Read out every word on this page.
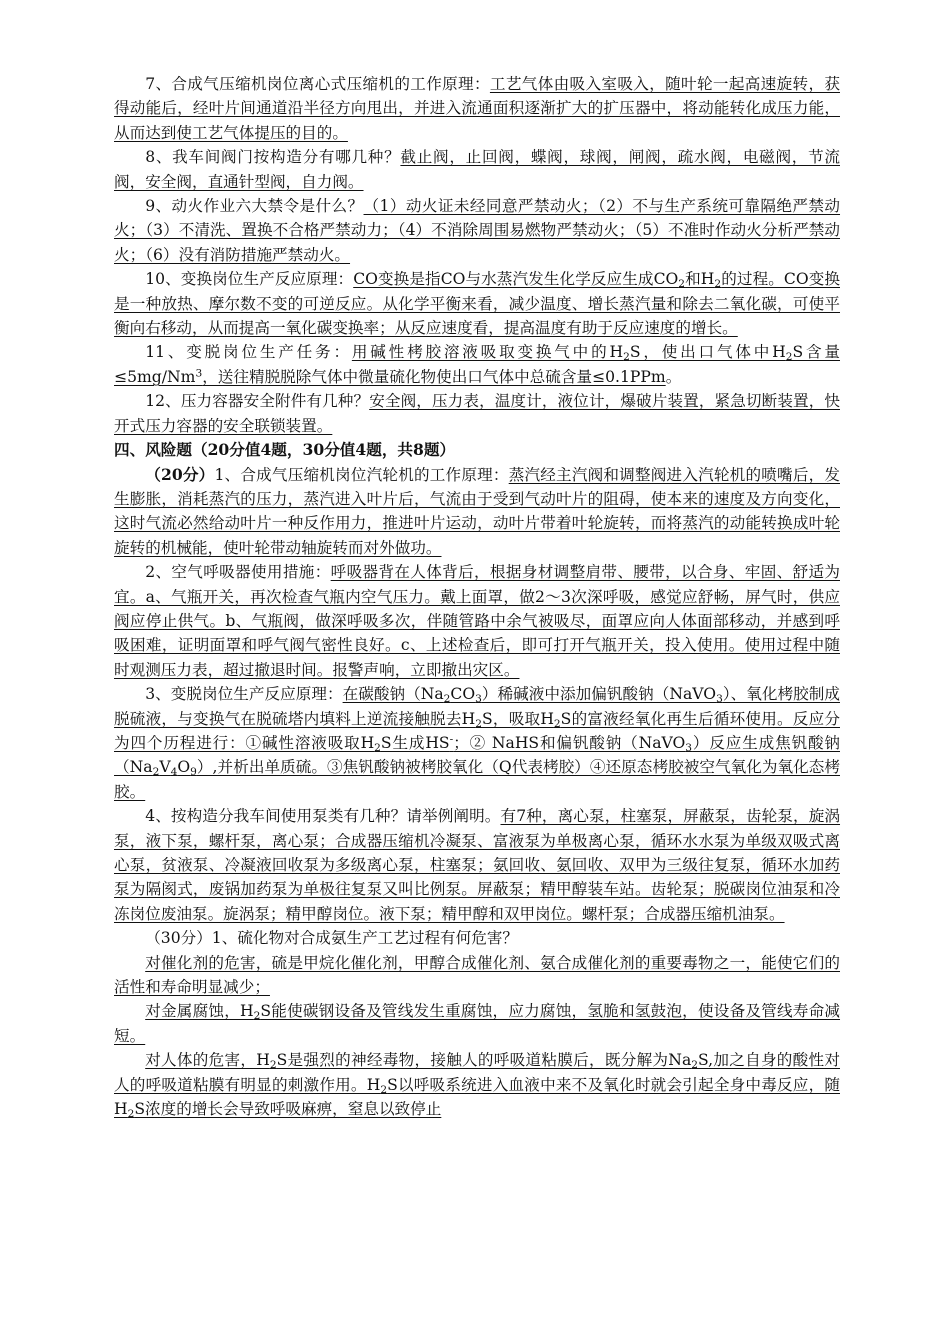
7、合成气压缩机岗位离心式压缩机的工作原理：工艺气体由吸入室吸入，随叶轮一起高速旋转，获得动能后，经叶片间通道沿半径方向甩出，并进入流通面积逐渐扩大的扩压器中，将动能转化成压力能，从而达到使工艺气体提压的目的。

8、我车间阀门按构造分有哪几种？截止阀，止回阀，蝶阀，球阀，闸阀，疏水阀，电磁阀，节流阀，安全阀，直通针型阀，自力阀。

9、动火作业六大禁令是什么？（1）动火证未经同意严禁动火；（2）不与生产系统可靠隔绝严禁动火；（3）不清洗、置换不合格严禁动力；（4）不消除周围易燃物严禁动火；（5）不准时作动火分析严禁动火；（6）没有消防措施严禁动火。

10、变换岗位生产反应原理：CO变换是指CO与水蒸汽发生化学反应生成$CO_2$和$H_2$的过程。CO变换是一种放热、摩尔数不变的可逆反应。从化学平衡来看，减少温度、增长蒸汽量和除去二氧化碳，可使平衡向右移动，从而提高一氧化碳变换率；从反应速度看，提高温度有助于反应速度的增长。

11、变脱岗位生产任务：用碱性栲胶溶液吸取变换气中的$H_2S$，使出口气体中$H_2S$含量$\le 5mg/Nm^3$，送往精脱脱除气体中微量硫化物使出口气体中总硫含量≤0.1PPm。

12、压力容器安全附件有几种？安全阀，压力表，温度计，液位计，爆破片装置，紧急切断装置，快开式压力容器的安全联锁装置。

四、风险题（20分值4题，30分值4题，共8题）

（20分）1、合成气压缩机岗位汽轮机的工作原理：蒸汽经主汽阀和调整阀进入汽轮机的喷嘴后，发生膨胀，消耗蒸汽的压力，蒸汽进入叶片后，气流由于受到气动叶片的阻碍，使本来的速度及方向变化，这时气流必然给动叶片一种反作用力，推进叶片运动，动叶片带着叶轮旋转，而将蒸汽的动能转换成叶轮旋转的机械能，使叶轮带动轴旋转而对外做功。

2、空气呼吸器使用措施：呼吸器背在人体背后，根据身材调整肩带、腰带，以合身、牢固、舒适为宜。a、气瓶开关，再次检查气瓶内空气压力。戴上面罩，做2～3次深呼吸，感觉应舒畅，屏气时，供应阀应停止供气。b、气瓶阀，做深呼吸多次，伴随管路中余气被吸尽，面罩应向人体面部移动，并感到呼吸困难，证明面罩和呼气阀气密性良好。c、上述检查后，即可打开气瓶开关，投入使用。使用过程中随时观测压力表，超过撤退时间。报警声响，立即撤出灾区。

3、变脱岗位生产反应原理：在碳酸钠$(Na_2CO_3)$稀碱液中添加偏钒酸钠（NaVO$_3$）、氧化栲胶制成脱硫液，与变换气在脱硫塔内填料上逆流接触脱去$H_2S$，吸取$H_2S$的富液经氧化再生后循环使用。反应分为四个历程进行：①碱性溶液吸取$H_2S$生成HS-；② NaHS和偏钒酸钠（NaVO$_3$）反应生成焦钒酸钠$(Na_2V_4O_9)$,并析出单质硫。③焦钒酸钠被栲胶氧化（Q代表栲胶）④还原态栲胶被空气氧化为氧化态栲胶。

4、按构造分我车间使用泵类有几种？请举例阐明。有7种，离心泵，柱塞泵，屏蔽泵，齿轮泵，旋涡泵，液下泵，螺杆泵，离心泵；合成器压缩机冷凝泵、富液泵为单极离心泵，循环水水泵为单级双吸式离心泵，贫液泵、冷凝液回收泵为多级离心泵，柱塞泵；氨回收、氨回收、双甲为三级往复泵，循环水加药泵为隔阂式，废锅加药泵为单极往复泵又叫比例泵。屏蔽泵；精甲醇装车站。齿轮泵；脱碳岗位油泵和冷冻岗位废油泵。旋涡泵；精甲醇岗位。液下泵；精甲醇和双甲岗位。螺杆泵；合成器压缩机油泵。

（30分）1、硫化物对合成氨生产工艺过程有何危害？

对催化剂的危害，硫是甲烷化催化剂，甲醇合成催化剂、氨合成催化剂的重要毒物之一，能使它们的活性和寿命明显减少；

对金属腐蚀，$H_2S$能使碳钢设备及管线发生重腐蚀，应力腐蚀，氢脆和氢鼓泡，使设备及管线寿命减短。

对人体的危害，$H_2S$是强烈的神经毒物，接触人的呼吸道粘膜后，既分解为$Na_2S$,加之自身的酸性对人的呼吸道粘膜有明显的刺激作用。$H_2S$以呼吸系统进入血液中来不及氧化时就会引起全身中毒反应，随$H_2S$浓度的增长会导致呼吸麻痹，窒息以致停止
